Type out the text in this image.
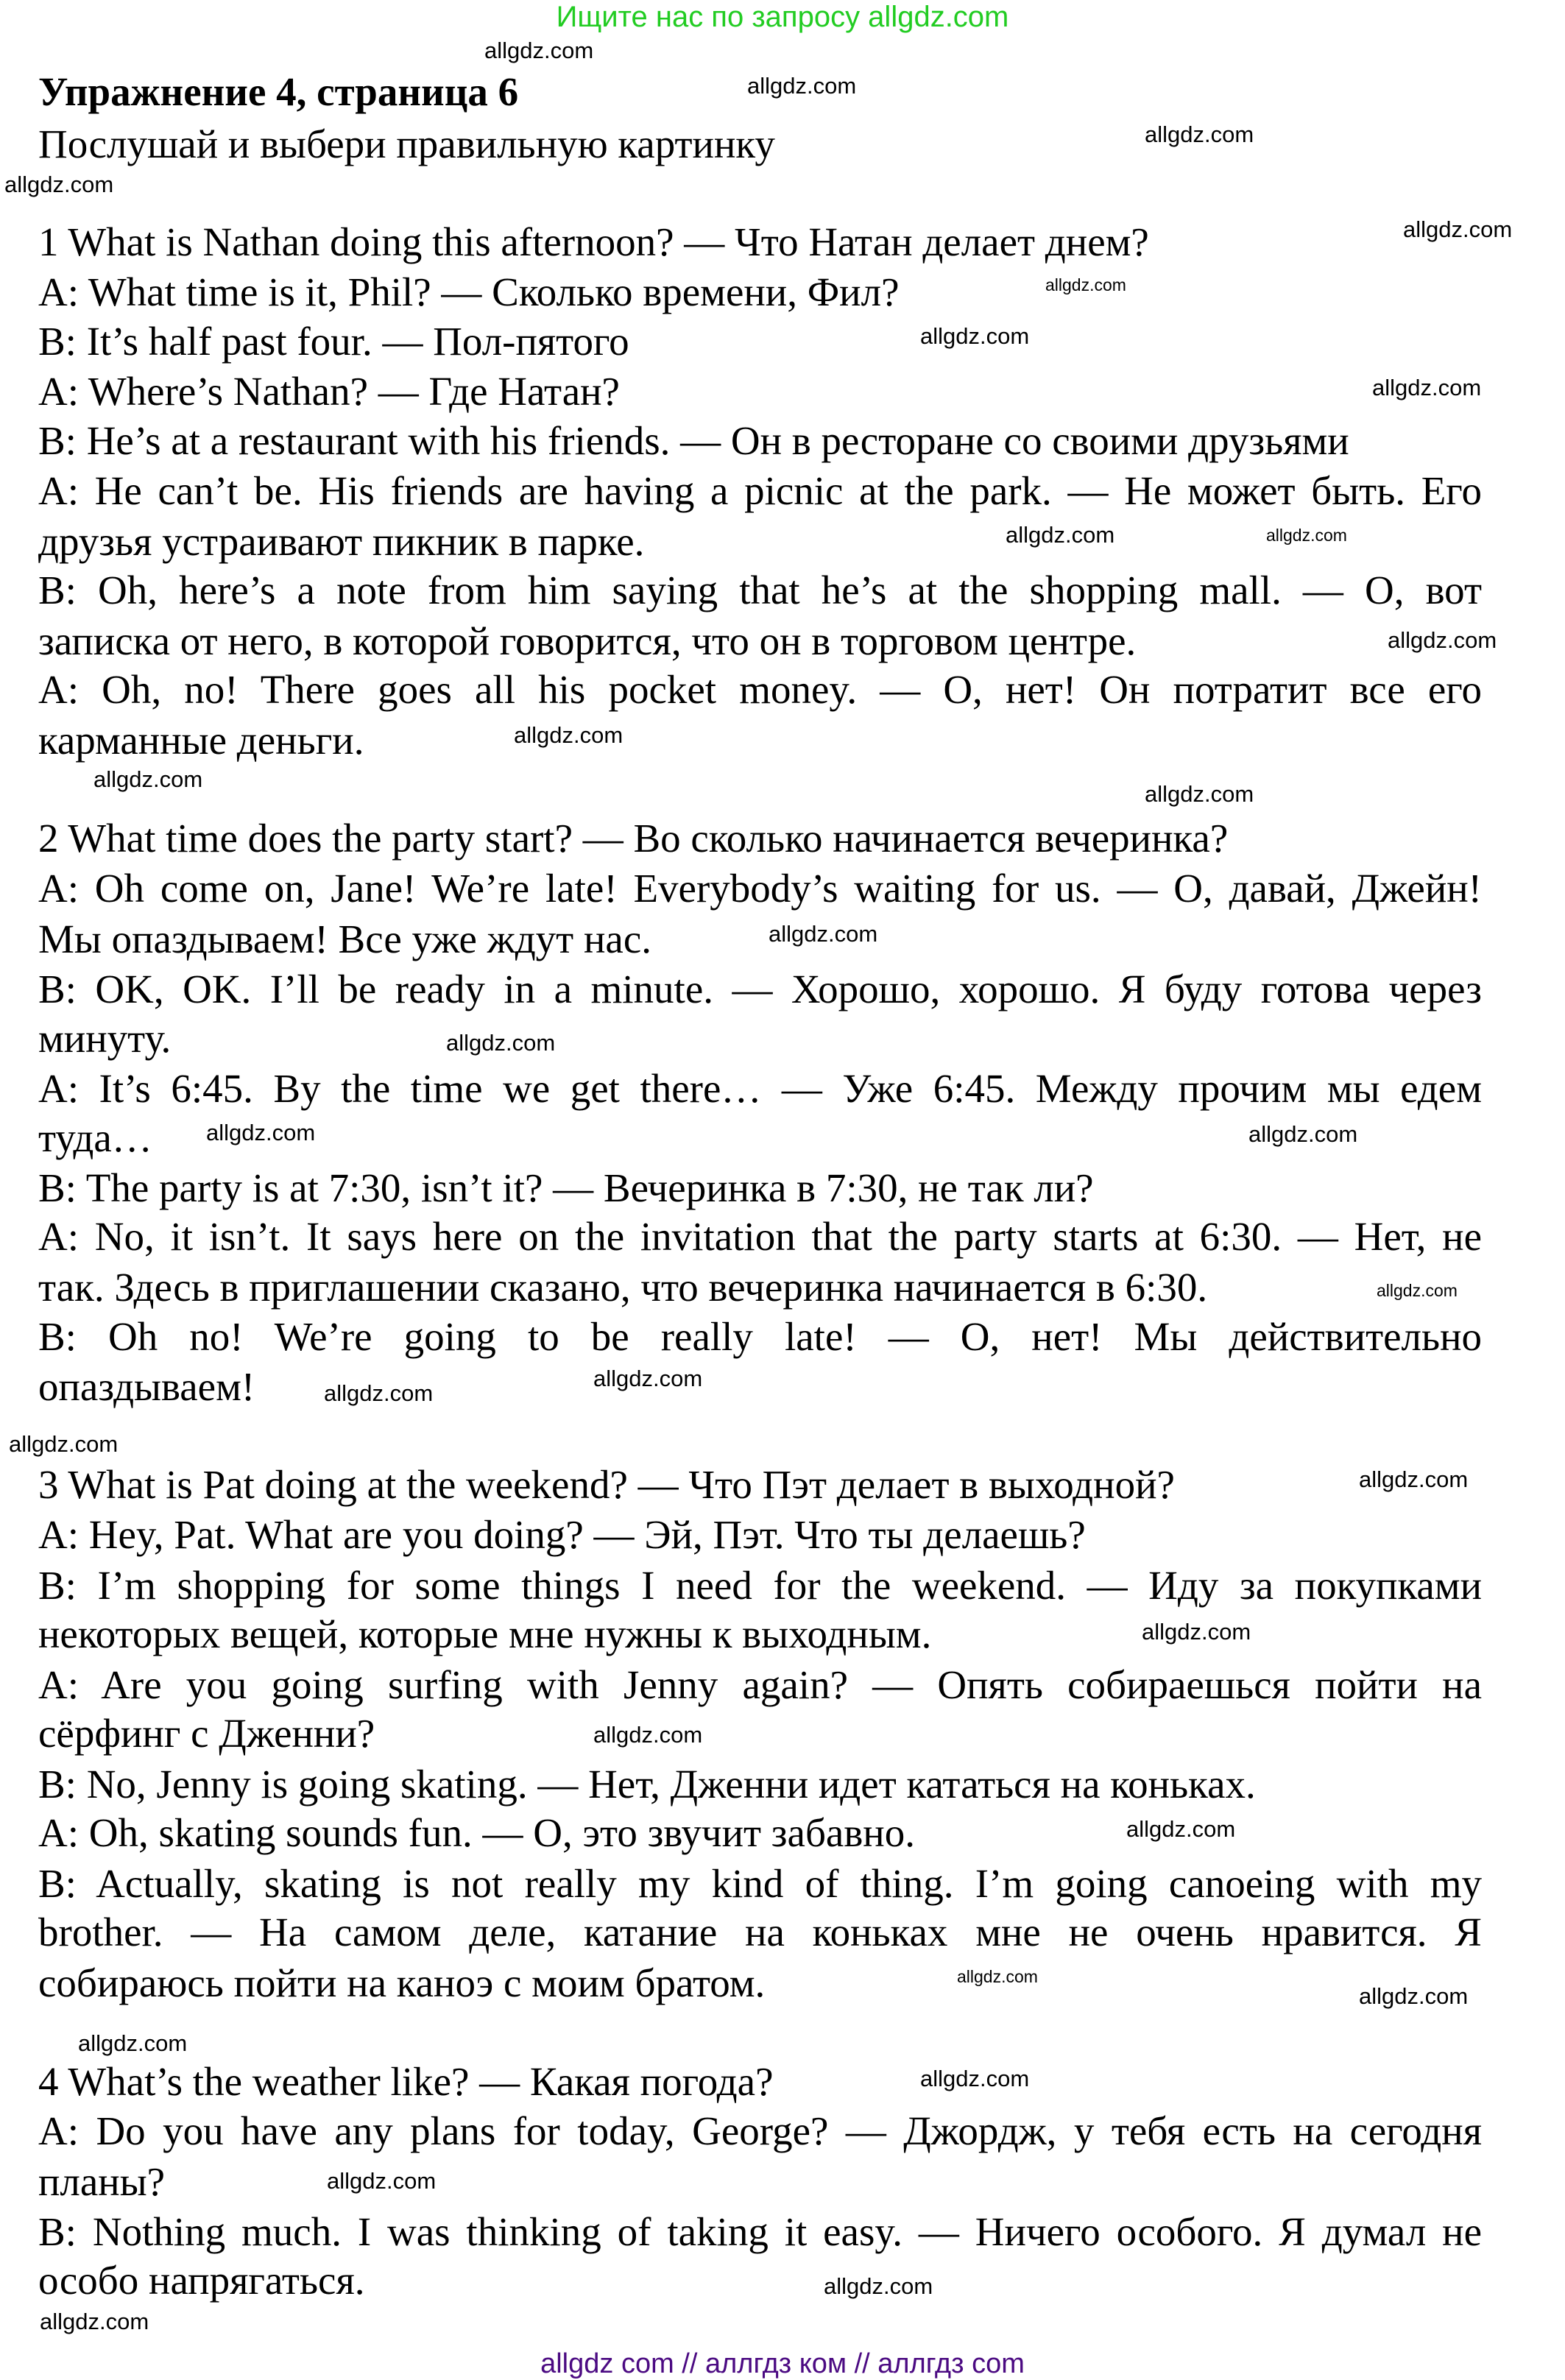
Ищите нас по запросу allgdz.com
Упражнение 4, страница 6
Послушай и выбери правильную картинку
1 What is Nathan doing this afternoon? — Что Натан делает днем?
A: What time is it, Phil? — Сколько времени, Фил?
B: It’s half past four. — Пол-пятого
A: Where’s Nathan? — Где Натан?
B: He’s at a restaurant with his friends. — Он в ресторане со своими друзьями
A: He can’t be. His friends are having a picnic at the park. — Не может быть. Его
друзья устраивают пикник в парке.
B: Oh, here’s a note from him saying that he’s at the shopping mall. — О, вот
записка от него, в которой говорится, что он в торговом центре.
A: Oh, no! There goes all his pocket money. — О, нет! Он потратит все его
карманные деньги.
2 What time does the party start? — Во сколько начинается вечеринка?
A: Oh come on, Jane! We’re late! Everybody’s waiting for us. — О, давай, Джейн!
Мы опаздываем! Все уже ждут нас.
B: OK, OK. I’ll be ready in a minute. — Хорошо, хорошо. Я буду готова через
минуту.
A: It’s 6:45. By the time we get there… — Уже 6:45. Между прочим мы едем
туда…
B: The party is at 7:30, isn’t it? — Вечеринка в 7:30, не так ли?
A: No, it isn’t. It says here on the invitation that the party starts at 6:30. — Нет, не
так. Здесь в приглашении сказано, что вечеринка начинается в 6:30.
B: Oh no! We’re going to be really late! — О, нет! Мы действительно
опаздываем!
3 What is Pat doing at the weekend? — Что Пэт делает в выходной?
A: Hey, Pat. What are you doing? — Эй, Пэт. Что ты делаешь?
B: I’m shopping for some things I need for the weekend. — Иду за покупками
некоторых вещей, которые мне нужны к выходным.
A: Are you going surfing with Jenny again? — Опять собираешься пойти на
сёрфинг с Дженни?
B: No, Jenny is going skating. — Нет, Дженни идет кататься на коньках.
A: Oh, skating sounds fun. — О, это звучит забавно.
B: Actually, skating is not really my kind of thing. I’m going canoeing with my
brother. — На самом деле, катание на коньках мне не очень нравится. Я
собираюсь пойти на каноэ с моим братом.
4 What’s the weather like? — Какая погода?
A: Do you have any plans for today, George? — Джордж, у тебя есть на сегодня
планы?
B: Nothing much. I was thinking of taking it easy. — Ничего особого. Я думал не
особо напрягаться.
allgdz.com
allgdz.com
allgdz.com
allgdz.com
allgdz.com
allgdz.com
allgdz.com
allgdz.com
allgdz.com
allgdz.com
allgdz.com
allgdz.com
allgdz.com
allgdz.com
allgdz.com
allgdz.com
allgdz.com	allgdz.com
allgdz.com
allgdz.com
allgdz.com
allgdz.com
allgdz.com
allgdz.com
allgdz.com
allgdz.com
allgdz.com
allgdz.com
allgdz.com
allgdz.com
allgdz.com
allgdz.com
allgdz.com
allgdz com // аллгдз ком // аллгдз com
